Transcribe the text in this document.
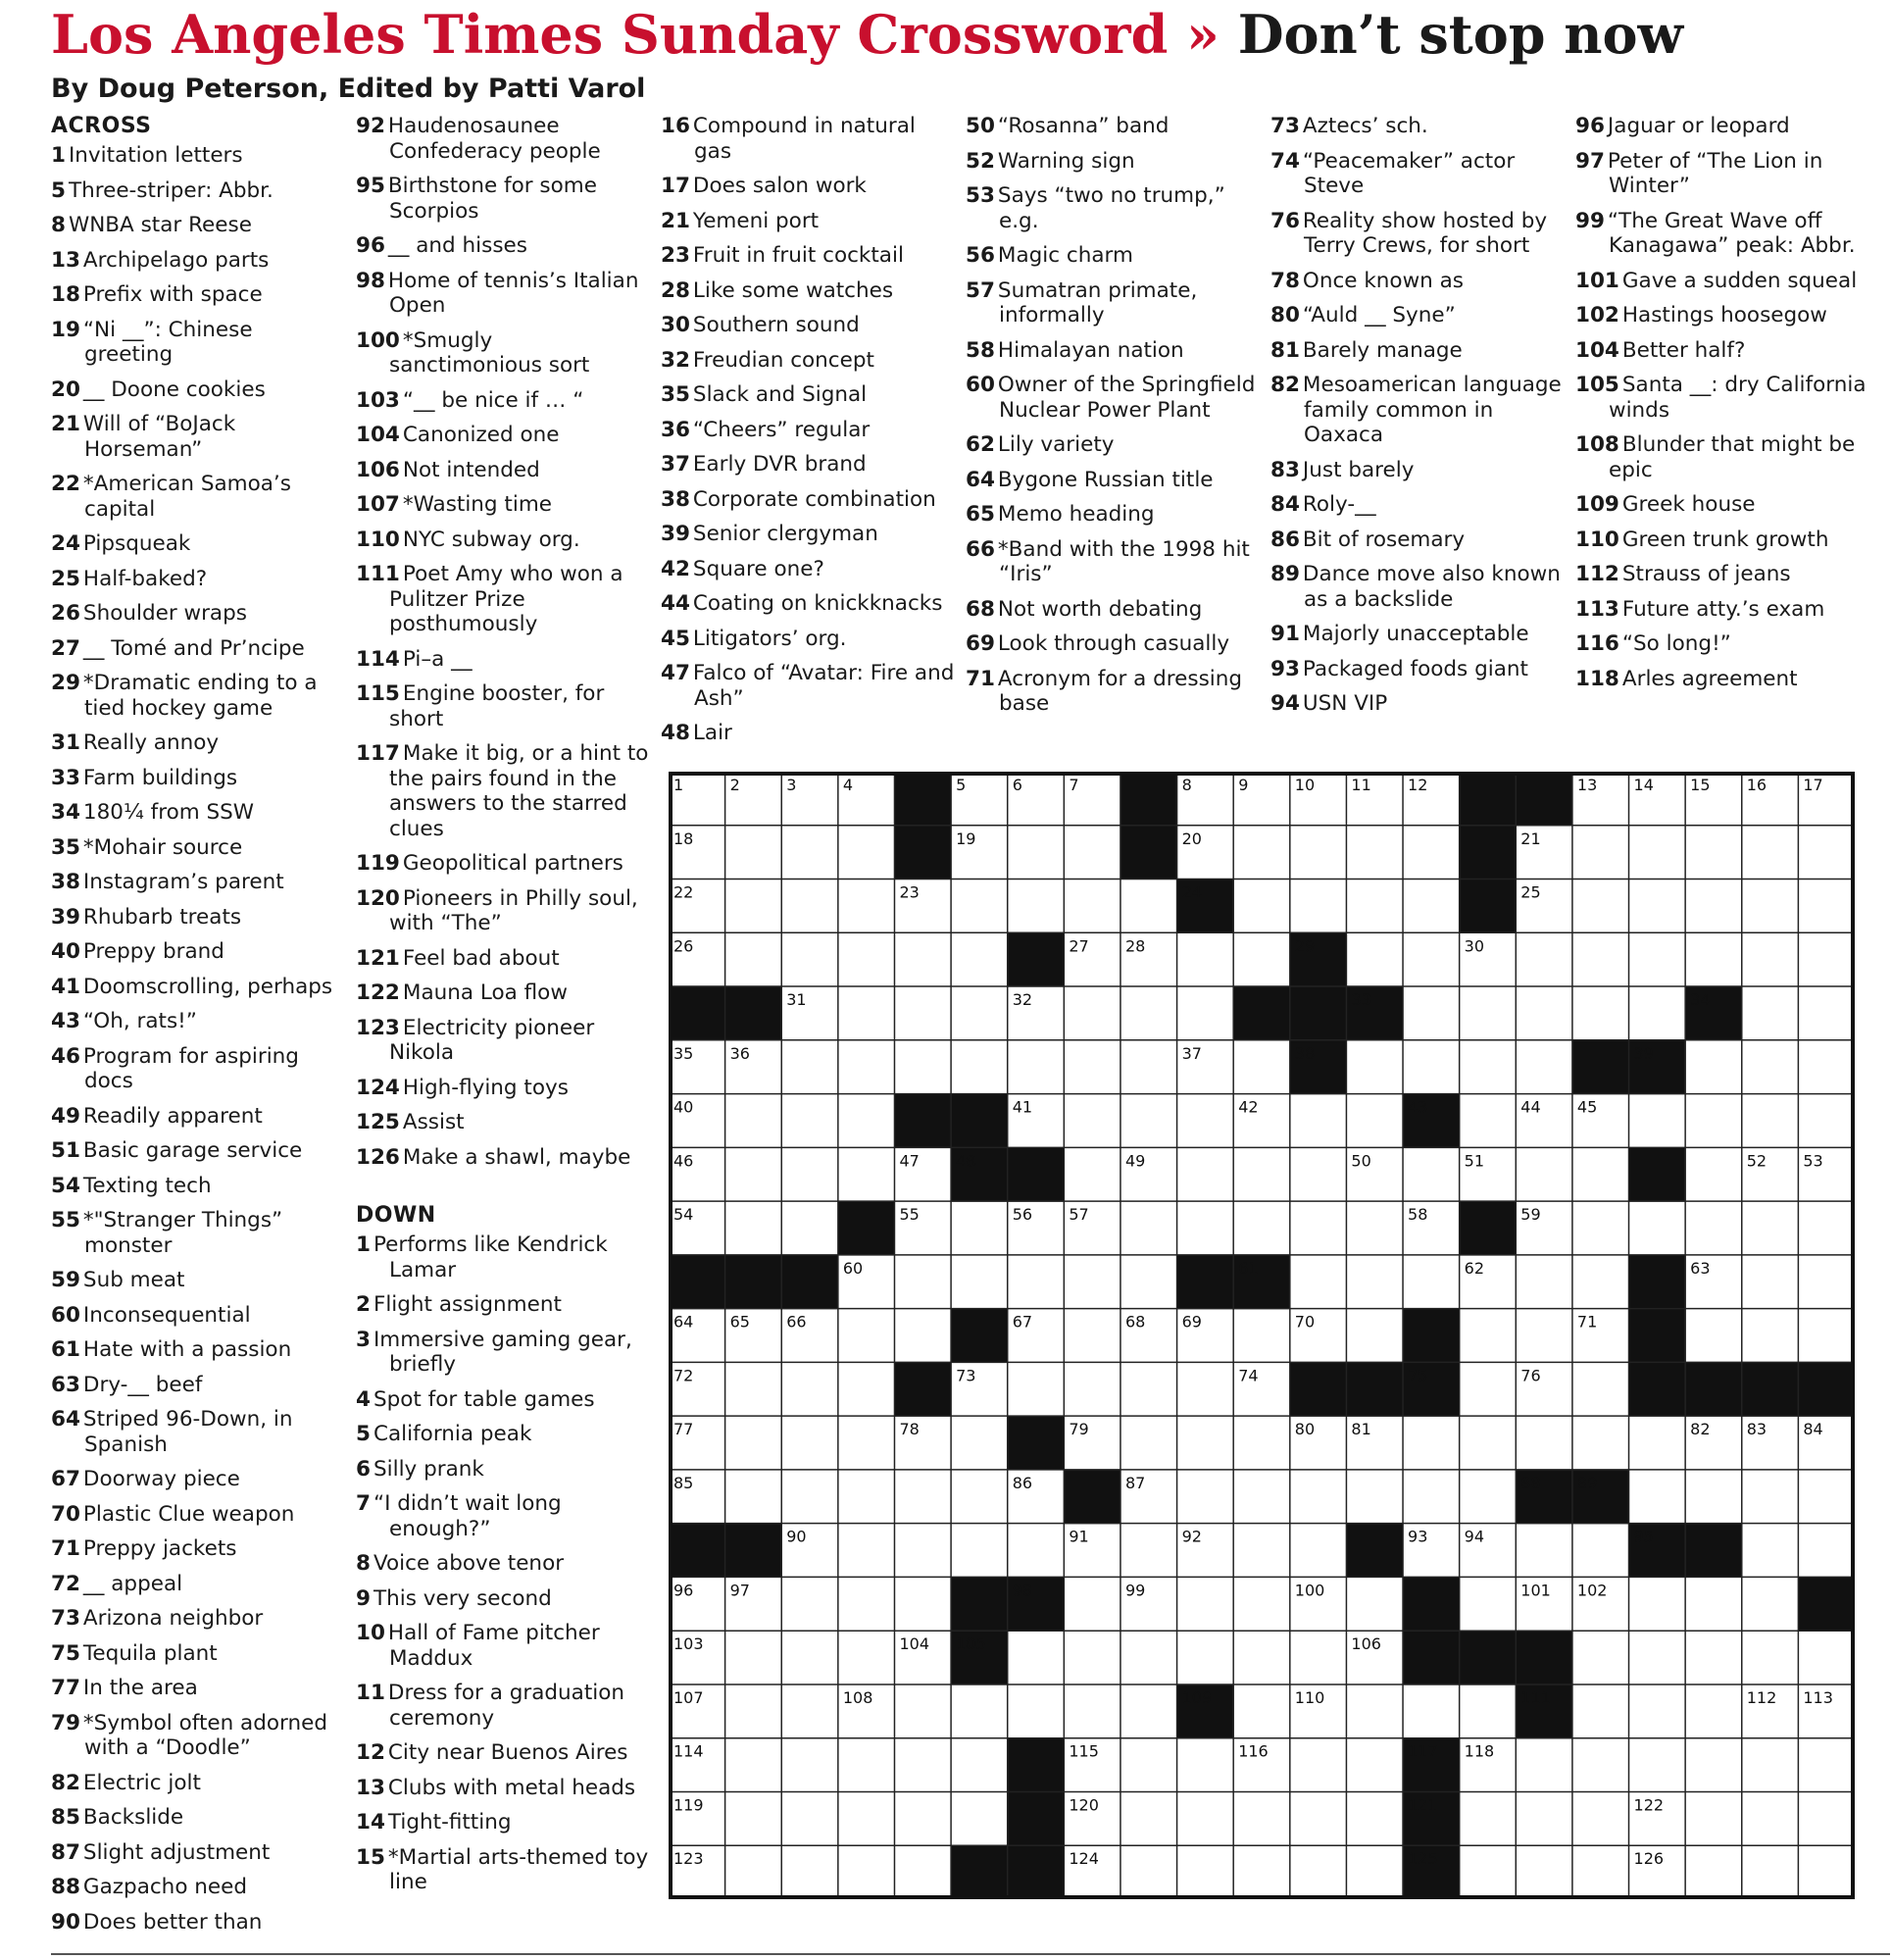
Los Angeles Times Sunday Crossword » Don’t stop now
By Doug Peterson, Edited by Patti Varol
ACROSS
1 Invitation letters
5 Three-striper: Abbr.
8 WNBA star Reese
13 Archipelago parts
18 Prefix with space
19 “Ni __”: Chinese greeting
20 __ Doone cookies
21 Will of “BoJack Horseman”
22 *American Samoa’s capital
24 Pipsqueak
25 Half-baked?
26 Shoulder wraps
27 __ Tomé and Pr’ncipe
29 *Dramatic ending to a tied hockey game
31 Really annoy
33 Farm buildings
34 180¼ from SSW
35 *Mohair source
38 Instagram’s parent
39 Rhubarb treats
40 Preppy brand
41 Doomscrolling, perhaps
43 “Oh, rats!”
46 Program for aspiring docs
49 Readily apparent
51 Basic garage service
54 Texting tech
55 *"Stranger Things” monster
59 Sub meat
60 Inconsequential
61 Hate with a passion
63 Dry-__ beef
64 Striped 96-Down, in Spanish
67 Doorway piece
70 Plastic Clue weapon
71 Preppy jackets
72 __ appeal
73 Arizona neighbor
75 Tequila plant
77 In the area
79 *Symbol often adorned with a “Doodle”
82 Electric jolt
85 Backslide
87 Slight adjustment
88 Gazpacho need
90 Does better than
92 Haudenosaunee Confederacy people
95 Birthstone for some Scorpios
96 __ and hisses
98 Home of tennis’s Italian Open
100 *Smugly sanctimonious sort
103 “__ be nice if … “
104 Canonized one
106 Not intended
107 *Wasting time
110 NYC subway org.
111 Poet Amy who won a Pulitzer Prize posthumously
114 Pi–a __
115 Engine booster, for short
117 Make it big, or a hint to the pairs found in the answers to the starred clues
119 Geopolitical partners
120 Pioneers in Philly soul, with “The”
121 Feel bad about
122 Mauna Loa flow
123 Electricity pioneer Nikola
124 High-flying toys
125 Assist
126 Make a shawl, maybe
DOWN
1 Performs like Kendrick Lamar
2 Flight assignment
3 Immersive gaming gear, briefly
4 Spot for table games
5 California peak
6 Silly prank
7 “I didn’t wait long enough?”
8 Voice above tenor
9 This very second
10 Hall of Fame pitcher Maddux
11 Dress for a graduation ceremony
12 City near Buenos Aires
13 Clubs with metal heads
14 Tight-fitting
15 *Martial arts-themed toy line
16 Compound in natural gas
17 Does salon work
21 Yemeni port
23 Fruit in fruit cocktail
28 Like some watches
30 Southern sound
32 Freudian concept
35 Slack and Signal
36 “Cheers” regular
37 Early DVR brand
38 Corporate combination
39 Senior clergyman
42 Square one?
44 Coating on knickknacks
45 Litigators’ org.
47 Falco of “Avatar: Fire and Ash”
48 Lair
50 “Rosanna” band
52 Warning sign
53 Says “two no trump,” e.g.
56 Magic charm
57 Sumatran primate, informally
58 Himalayan nation
60 Owner of the Springfield Nuclear Power Plant
62 Lily variety
64 Bygone Russian title
65 Memo heading
66 *Band with the 1998 hit “Iris”
68 Not worth debating
69 Look through casually
71 Acronym for a dressing base
73 Aztecs’ sch.
74 “Peacemaker” actor Steve
76 Reality show hosted by Terry Crews, for short
78 Once known as
80 “Auld __ Syne”
81 Barely manage
82 Mesoamerican language family common in Oaxaca
83 Just barely
84 Roly-__
86 Bit of rosemary
89 Dance move also known as a backslide
91 Majorly unacceptable
93 Packaged foods giant
94 USN VIP
96 Jaguar or leopard
97 Peter of “The Lion in Winter”
99 “The Great Wave off Kanagawa” peak: Abbr.
101 Gave a sudden squeal
102 Hastings hoosegow
104 Better half?
105 Santa __: dry California winds
108 Blunder that might be epic
109 Greek house
110 Green trunk growth
112 Strauss of jeans
113 Future atty.’s exam
116 “So long!”
118 Arles agreement
1	2	3	4	5	6	7	8	9	10 11 12	13 14 15 16 17
18	19	20	21
22	23	24	25
26	27 28	29	30
31	32	33	34
35 36	37	38	39
40	41	42	43	44 45
46	47 48	49	50	51	52 53
54	55	56 57	58	59
60	61	62	63
64 65 66	67	68 69	70	71
72	73	74	75	76
77	78	79	80 81	82 83 84
85	86	87	88 89
90	91	92	93 94	95
96 97	98	99	100	101 102
103	104 105	106
107	108	109	110	111	112 113
114	115	116	117 118
119	120	121	122
123	124	125	126
